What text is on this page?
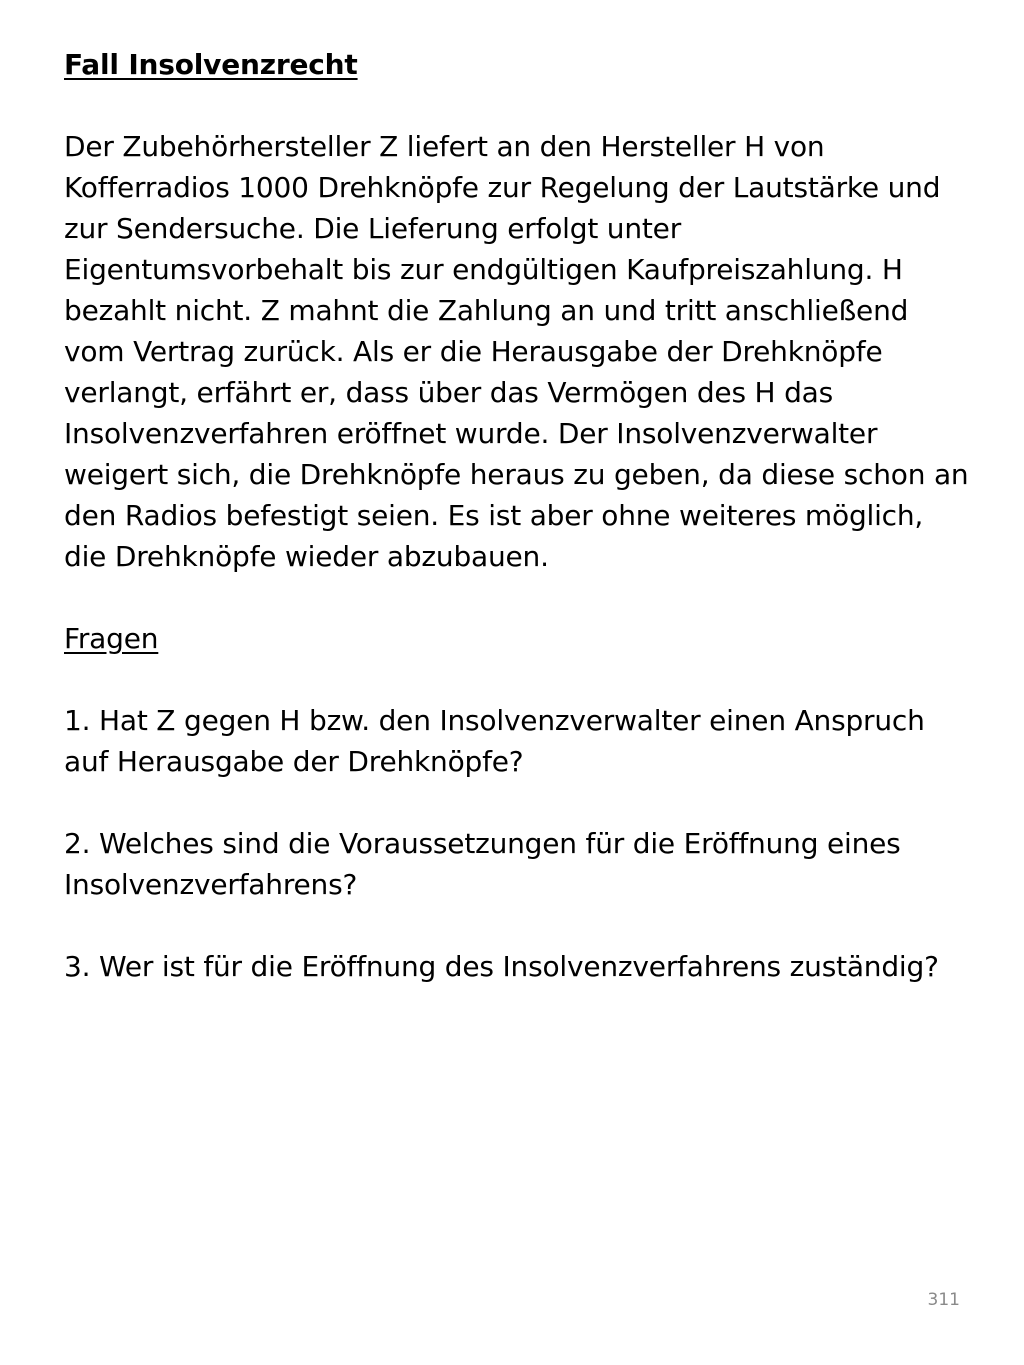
Fall Insolvenzrecht

Der Zubehörhersteller Z liefert an den Hersteller H von
Kofferradios 1000 Drehknöpfe zur Regelung der Lautstärke und
zur Sendersuche. Die Lieferung erfolgt unter
Eigentumsvorbehalt bis zur endgültigen Kaufpreiszahlung. H
bezahlt nicht. Z mahnt die Zahlung an und tritt anschließend
vom Vertrag zurück. Als er die Herausgabe der Drehknöpfe
verlangt, erfährt er, dass über das Vermögen des H das
Insolvenzverfahren eröffnet wurde. Der Insolvenzverwalter
weigert sich, die Drehknöpfe heraus zu geben, da diese schon an
den Radios befestigt seien. Es ist aber ohne weiteres möglich,
die Drehknöpfe wieder abzubauen.

Fragen

1. Hat Z gegen H bzw. den Insolvenzverwalter einen Anspruch
auf Herausgabe der Drehknöpfe?

2. Welches sind die Voraussetzungen für die Eröffnung eines
Insolvenzverfahrens?

3. Wer ist für die Eröffnung des Insolvenzverfahrens zuständig?

311
